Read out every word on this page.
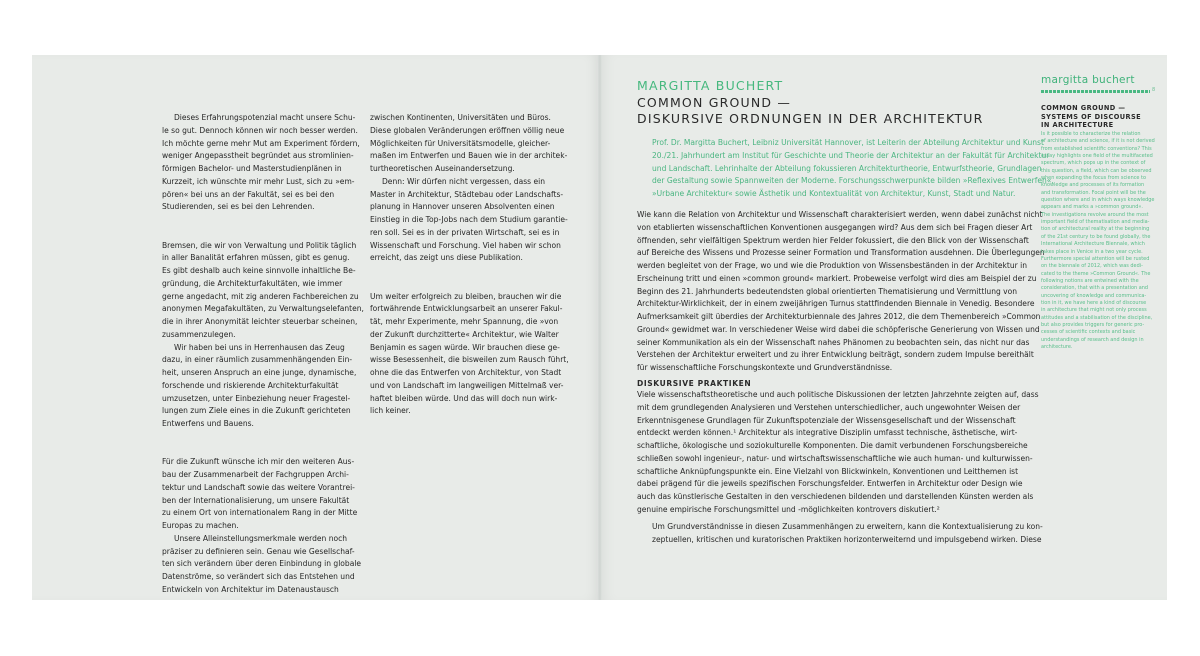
Dieses Erfahrungspotenzial macht unsere Schu-
le so gut. Dennoch können wir noch besser werden.
Ich möchte gerne mehr Mut am Experiment fördern,
weniger Angepasstheit begründet aus stromlinien-
förmigen Bachelor- und Masterstudienplänen in
Kurzzeit, ich wünschte mir mehr Lust, sich zu »em-
pören« bei uns an der Fakultät, sei es bei den
Studierenden, sei es bei den Lehrenden.
Bremsen, die wir von Verwaltung und Politik täglich
in aller Banalität erfahren müssen, gibt es genug.
Es gibt deshalb auch keine sinnvolle inhaltliche Be-
gründung, die Architekturfakultäten, wie immer
gerne angedacht, mit zig anderen Fachbereichen zu
anonymen Megafakultäten, zu Verwaltungselefanten,
die in ihrer Anonymität leichter steuerbar scheinen,
zusammenzulegen.
Wir haben bei uns in Herrenhausen das Zeug
dazu, in einer räumlich zusammenhängenden Ein-
heit, unseren Anspruch an eine junge, dynamische,
forschende und riskierende Architekturfakultät
umzusetzen, unter Einbeziehung neuer Fragestel-
lungen zum Ziele eines in die Zukunft gerichteten
Entwerfens und Bauens.
Für die Zukunft wünsche ich mir den weiteren Aus-
bau der Zusammenarbeit der Fachgruppen Archi-
tektur und Landschaft sowie das weitere Vorantrei-
ben der Internationalisierung, um unsere Fakultät
zu einem Ort von internationalem Rang in der Mitte
Europas zu machen.
Unsere Alleinstellungsmerkmale werden noch
präziser zu definieren sein. Genau wie Gesellschaf-
ten sich verändern über deren Einbindung in globale
Datenströme, so verändert sich das Entstehen und
Entwickeln von Architektur im Datenaustausch
zwischen Kontinenten, Universitäten und Büros.
Diese globalen Veränderungen eröffnen völlig neue
Möglichkeiten für Universitätsmodelle, gleicher-
maßen im Entwerfen und Bauen wie in der architek-
turtheoretischen Auseinandersetzung.
Denn: Wir dürfen nicht vergessen, dass ein
Master in Architektur, Städtebau oder Landschafts-
planung in Hannover unseren Absolventen einen
Einstieg in die Top-Jobs nach dem Studium garantie-
ren soll. Sei es in der privaten Wirtschaft, sei es in
Wissenschaft und Forschung. Viel haben wir schon
erreicht, das zeigt uns diese Publikation.
Um weiter erfolgreich zu bleiben, brauchen wir die
fortwährende Entwicklungsarbeit an unserer Fakul-
tät, mehr Experimente, mehr Spannung, die »von
der Zukunft durchzitterte« Architektur, wie Walter
Benjamin es sagen würde. Wir brauchen diese ge-
wisse Besessenheit, die bisweilen zum Rausch führt,
ohne die das Entwerfen von Architektur, von Stadt
und von Landschaft im langweiligen Mittelmaß ver-
haftet bleiben würde. Und das will doch nun wirk-
lich keiner.

MARGITTA BUCHERT

COMMON GROUND —

DISKURSIVE ORDNUNGEN IN DER ARCHITEKTUR

Prof. Dr. Margitta Buchert, Leibniz Universität Hannover, ist Leiterin der Abteilung Architektur und Kunst
20./21. Jahrhundert am Institut für Geschichte und Theorie der Architektur an der Fakultät für Architektur
und Landschaft. Lehrinhalte der Abteilung fokussieren Architekturtheorie, Entwurfstheorie, Grundlagen
der Gestaltung sowie Spannweiten der Moderne. Forschungsschwerpunkte bilden »Reflexives Entwerfen«,
»Urbane Architektur« sowie Ästhetik und Kontextualität von Architektur, Kunst, Stadt und Natur.
Wie kann die Relation von Architektur und Wissenschaft charakterisiert werden, wenn dabei zunächst nicht
von etablierten wissenschaftlichen Konventionen ausgegangen wird? Aus dem sich bei Fragen dieser Art
öffnenden, sehr vielfältigen Spektrum werden hier Felder fokussiert, die den Blick von der Wissenschaft
auf Bereiche des Wissens und Prozesse seiner Formation und Transformation ausdehnen. Die Überlegungen
werden begleitet von der Frage, wo und wie die Produktion von Wissensbeständen in der Architektur in
Erscheinung tritt und einen »common ground« markiert. Probeweise verfolgt wird dies am Beispiel der zu
Beginn des 21. Jahrhunderts bedeutendsten global orientierten Thematisierung und Vermittlung von
Architektur-Wirklichkeit, der in einem zweijährigen Turnus stattfindenden Biennale in Venedig. Besondere
Aufmerksamkeit gilt überdies der Architekturbiennale des Jahres 2012, die dem Themenbereich »Common
Ground« gewidmet war. In verschiedener Weise wird dabei die schöpferische Generierung von Wissen und
seiner Kommunikation als ein der Wissenschaft nahes Phänomen zu beobachten sein, das nicht nur das
Verstehen der Architektur erweitert und zu ihrer Entwicklung beiträgt, sondern zudem Impulse bereithält
für wissenschaftliche Forschungskontexte und Grundverständnisse.

DISKURSIVE PRAKTIKEN

Viele wissenschaftstheoretische und auch politische Diskussionen der letzten Jahrzehnte zeigten auf, dass
mit dem grundlegenden Analysieren und Verstehen unterschiedlicher, auch ungewohnter Weisen der
Erkenntnisgenese Grundlagen für Zukunftspotenziale der Wissensgesellschaft und der Wissenschaft
entdeckt werden können.¹ Architektur als integrative Disziplin umfasst technische, ästhetische, wirt-
schaftliche, ökologische und soziokulturelle Komponenten. Die damit verbundenen Forschungsbereiche
schließen sowohl ingenieur-, natur- und wirtschaftswissenschaftliche wie auch human- und kulturwissen-
schaftliche Anknüpfungspunkte ein. Eine Vielzahl von Blickwinkeln, Konventionen und Leitthemen ist
dabei prägend für die jeweils spezifischen Forschungsfelder. Entwerfen in Architektur oder Design wie
auch das künstlerische Gestalten in den verschiedenen bildenden und darstellenden Künsten werden als
genuine empirische Forschungsmittel und -möglichkeiten kontrovers diskutiert.²
Um Grundverständnisse in diesen Zusammenhängen zu erweitern, kann die Kontextualisierung zu kon-
zeptuellen, kritischen und kuratorischen Praktiken horizonterweiternd und impulsgebend wirken. Diese

margitta buchert

8

COMMON GROUND —
SYSTEMS OF DISCOURSE
IN ARCHITECTURE
Is it possible to characterize the relation
of architecture and science, if it is not derived
from established scientific conventions? This
essay highlights one field of the multifaceted
spectrum, which pops up in the context of
this question, a field, which can be observed
when expanding the focus from science to
knowledge and processes of its formation
and transformation. Focal point will be the
question where and in which ways knowledge
appears and marks a »common ground«.
The investigations revolve around the most
important field of thematisation and media-
tion of architectural reality at the beginning
of the 21st century to be found globally, the
International Architecture Biennale, which
takes place in Venice in a two year cycle.
Furthermore special attention will be rusted
on the biennale of 2012, which was dedi-
cated to the theme »Common Ground«. The
following notions are entwined with the
consideration, that with a presentation and
uncovering of knowledge and communica-
tion in it, we have here a kind of discourse
in architecture that might not only process
attitudes and a stabilisation of the discipline,
but also provides triggers for generic pro-
cesses of scientific contexts and basic
understandings of research and design in
architecture.
